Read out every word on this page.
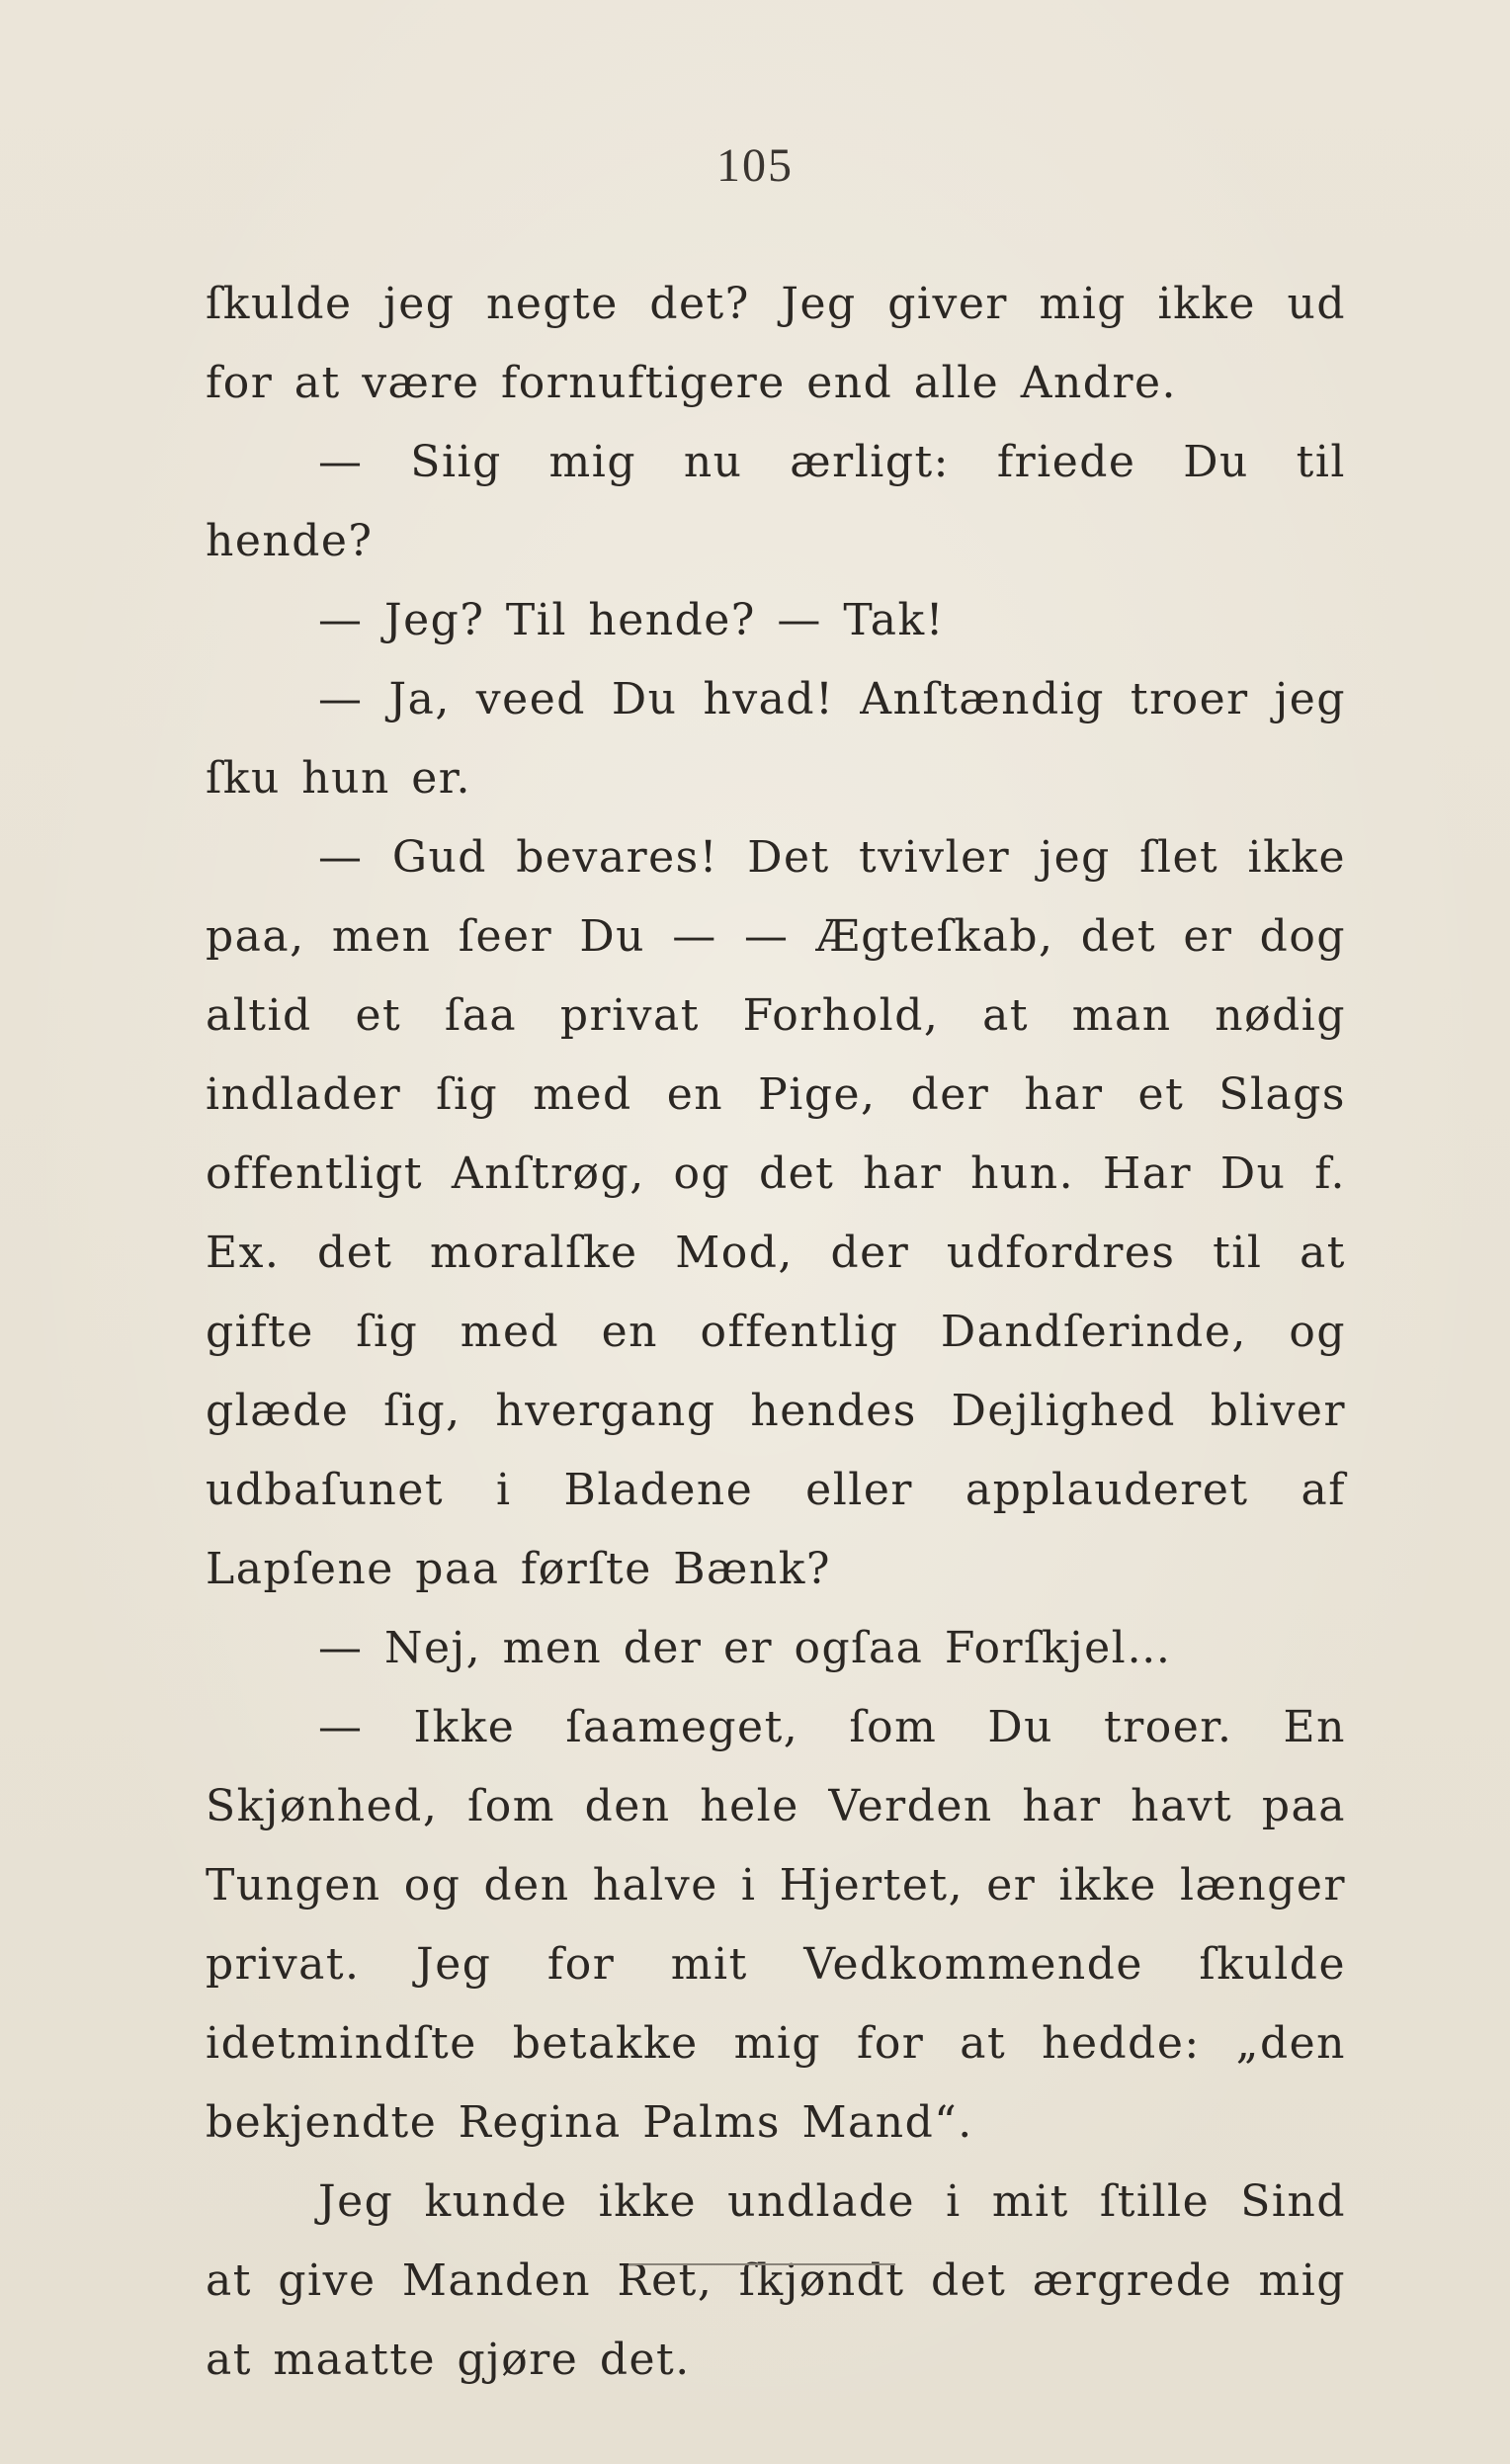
105

ſkulde jeg negte det? Jeg giver mig ikke ud for at være fornuftigere end alle Andre.

— Siig mig nu ærligt: friede Du til hende?

— Jeg? Til hende? — Tak!

— Ja, veed Du hvad! Anſtændig troer jeg ſku hun er.

— Gud bevares! Det tvivler jeg ſlet ikke paa, men ſeer Du — — Ægteſkab, det er dog altid et ſaa privat Forhold, at man nødig indlader ſig med en Pige, der har et Slags offentligt Anſtrøg, og det har hun. Har Du f. Ex. det moralſke Mod, der udfordres til at gifte ſig med en offentlig Dandſerinde, og glæde ſig, hvergang hendes Dejlighed bliver udbaſunet i Bladene eller applauderet af Lapſene paa førſte Bænk?

— Nej, men der er ogſaa Forſkjel…

— Ikke ſaameget, ſom Du troer. En Skjønhed, ſom den hele Verden har havt paa Tungen og den halve i Hjertet, er ikke længer privat. Jeg for mit Vedkommende ſkulde idetmindſte betakke mig for at hedde: „den bekjendte Regina Palms Mand“.

Jeg kunde ikke undlade i mit ſtille Sind at give Manden Ret, ſkjøndt det ærgrede mig at maatte gjøre det.
